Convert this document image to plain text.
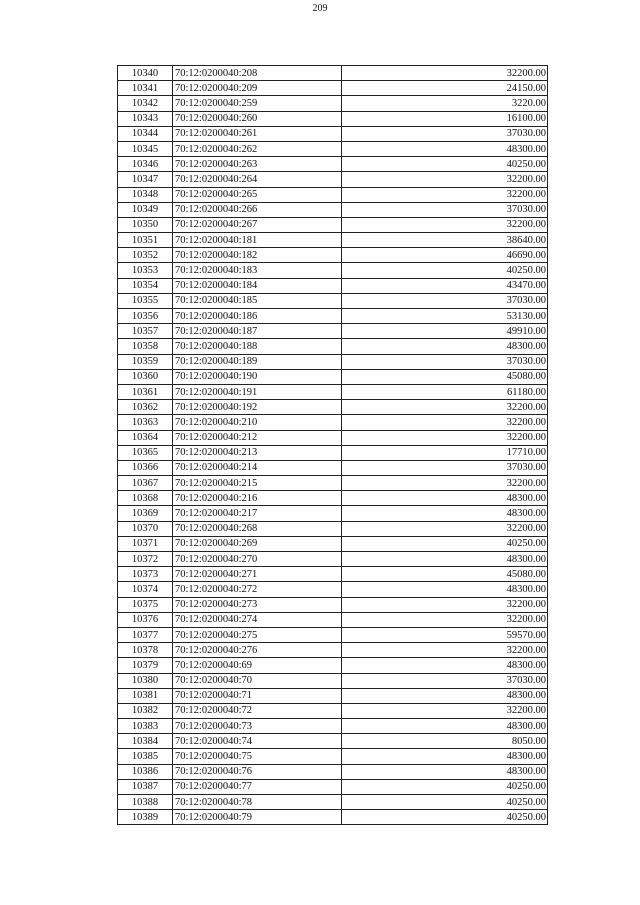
209
10340	70:12:0200040:208	32200.00
10341	70:12:0200040:209	24150.00
10342	70:12:0200040:259	3220.00
10343	70:12:0200040:260	16100.00
10344	70:12:0200040:261	37030.00
10345	70:12:0200040:262	48300.00
10346	70:12:0200040:263	40250.00
10347	70:12:0200040:264	32200.00
10348	70:12:0200040:265	32200.00
10349	70:12:0200040:266	37030.00
10350	70:12:0200040:267	32200.00
10351	70:12:0200040:181	38640.00
10352	70:12:0200040:182	46690.00
10353	70:12:0200040:183	40250.00
10354	70:12:0200040:184	43470.00
10355	70:12:0200040:185	37030.00
10356	70:12:0200040:186	53130.00
10357	70:12:0200040:187	49910.00
10358	70:12:0200040:188	48300.00
10359	70:12:0200040:189	37030.00
10360	70:12:0200040:190	45080.00
10361	70:12:0200040:191	61180.00
10362	70:12:0200040:192	32200.00
10363	70:12:0200040:210	32200.00
10364	70:12:0200040:212	32200.00
10365	70:12:0200040:213	17710.00
10366	70:12:0200040:214	37030.00
10367	70:12:0200040:215	32200.00
10368	70:12:0200040:216	48300.00
10369	70:12:0200040:217	48300.00
10370	70:12:0200040:268	32200.00
10371	70:12:0200040:269	40250.00
10372	70:12:0200040:270	48300.00
10373	70:12:0200040:271	45080.00
10374	70:12:0200040:272	48300.00
10375	70:12:0200040:273	32200.00
10376	70:12:0200040:274	32200.00
10377	70:12:0200040:275	59570.00
10378	70:12:0200040:276	32200.00
10379	70:12:0200040:69	48300.00
10380	70:12:0200040:70	37030.00
10381	70:12:0200040:71	48300.00
10382	70:12:0200040:72	32200.00
10383	70:12:0200040:73	48300.00
10384	70:12:0200040:74	8050.00
10385	70:12:0200040:75	48300.00
10386	70:12:0200040:76	48300.00
10387	70:12:0200040:77	40250.00
10388	70:12:0200040:78	40250.00
10389	70:12:0200040:79	40250.00
